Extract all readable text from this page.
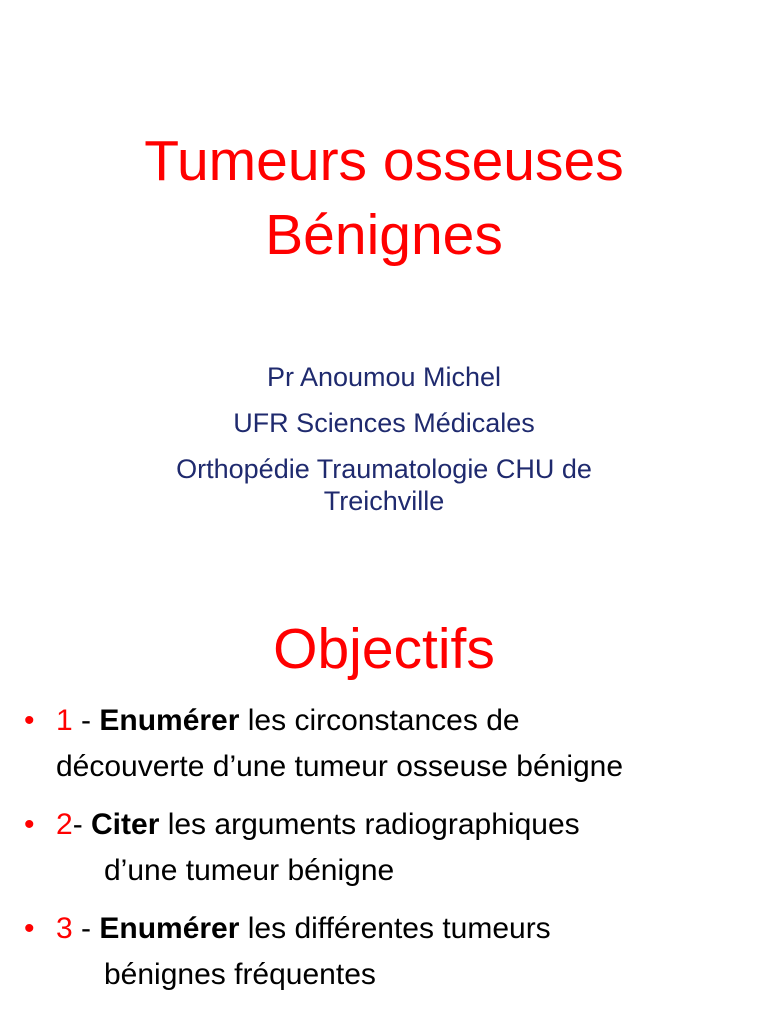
Tumeurs osseuses
Bénignes
Pr Anoumou Michel
UFR Sciences Médicales
Orthopédie Traumatologie CHU de
Treichville
Objectifs
• 1 - Enumérer les circonstances de
découverte d’une tumeur osseuse bénigne
• 2- Citer les arguments radiographiques
d’une tumeur bénigne
• 3 - Enumérer les différentes tumeurs
bénignes fréquentes
